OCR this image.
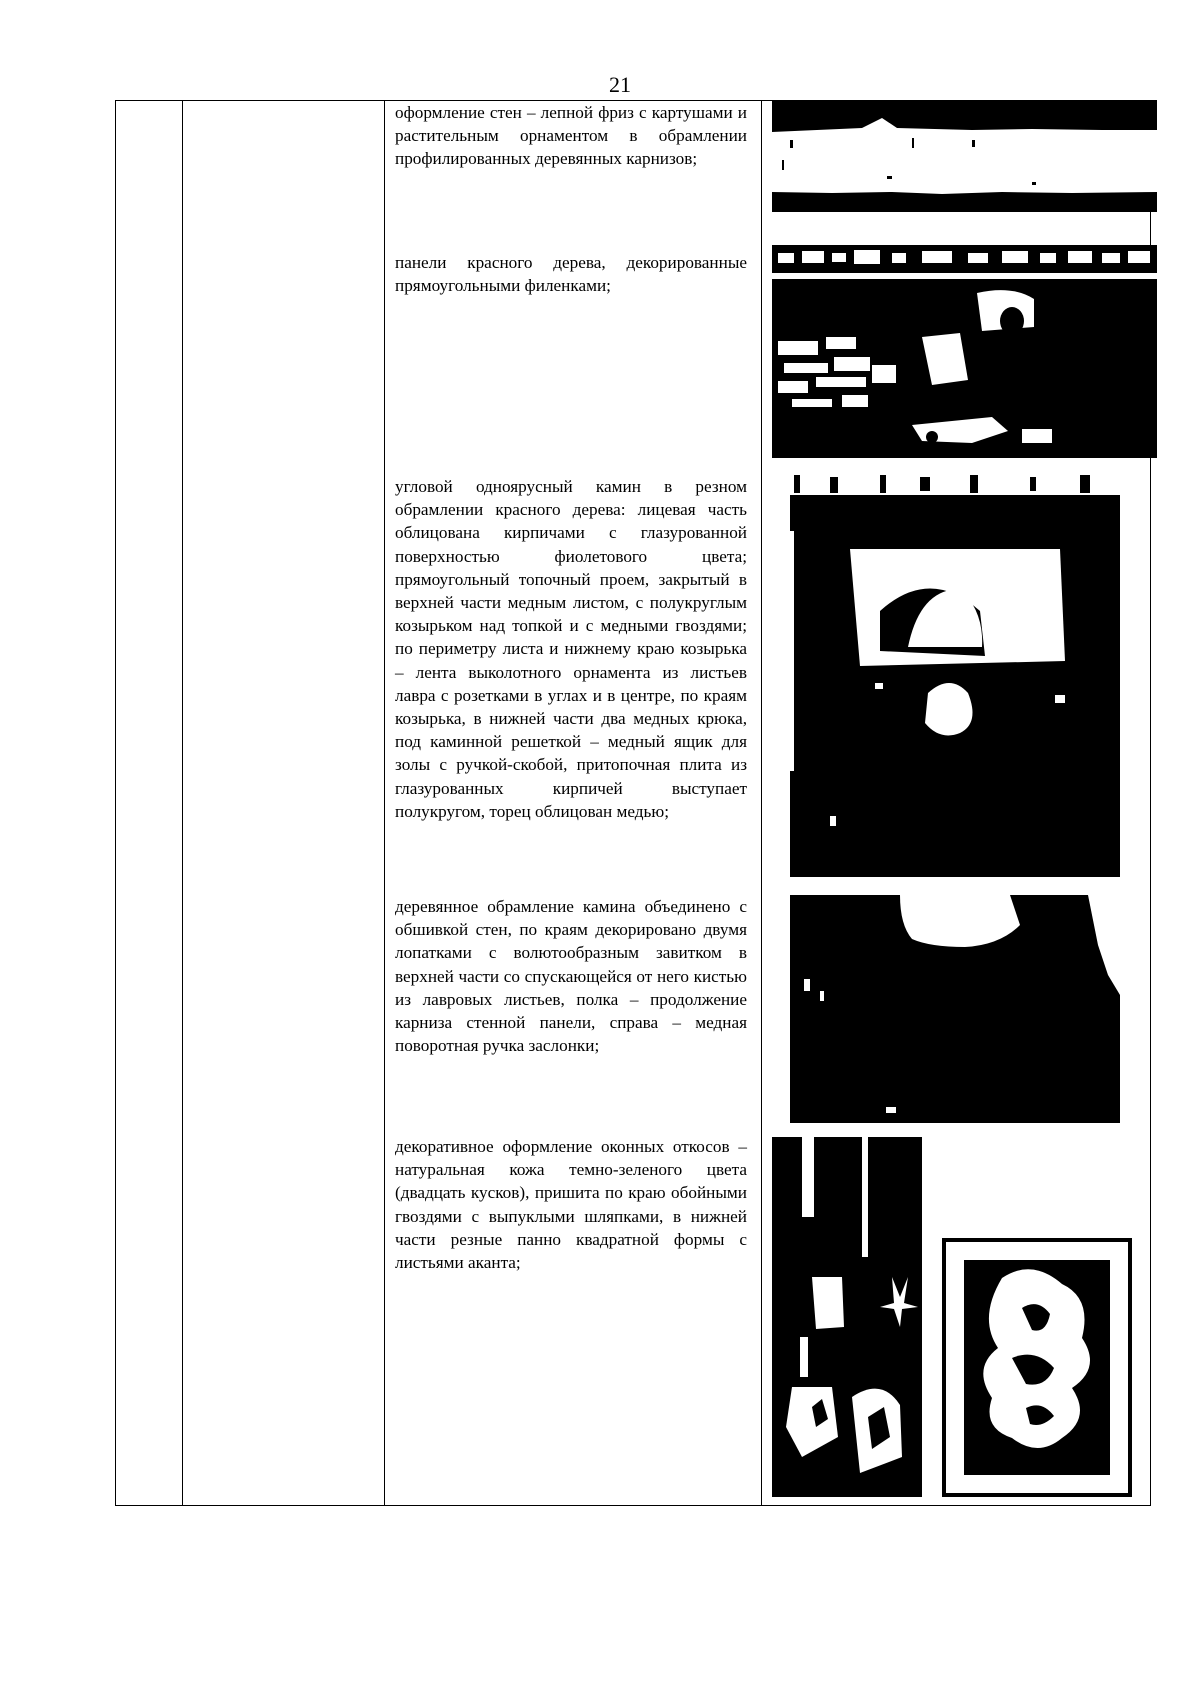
21
оформление стен – лепной фриз с картушами и растительным орнаментом в обрамлении профилированных деревянных карнизов;
панели красного дерева, декорированные прямоугольными филенками;
угловой одноярусный камин в резном обрамлении красного дерева: лицевая часть облицована кирпичами с глазурованной поверхностью фиолетового цвета; прямоугольный топочный проем, закрытый в верхней части медным листом, с полукруглым козырьком над топкой и с медными гвоздями; по периметру листа и нижнему краю козырька – лента выколотного орнамента из листьев лавра с розетками в углах и в центре, по краям козырька, в нижней части два медных крюка, под каминной решеткой – медный ящик для золы с ручкой-скобой, притопочная плита из глазурованных кирпичей выступает полукругом, торец облицован медью;
деревянное обрамление камина объединено с обшивкой стен, по краям декорировано двумя лопатками с волютообразным завитком в верхней части со спускающейся от него кистью из лавровых листьев, полка – продолжение карниза стенной панели, справа – медная поворотная ручка заслонки;
декоративное оформление оконных откосов – натуральная кожа темно-зеленого цвета (двадцать кусков), пришита по краю обойными гвоздями с выпуклыми шляпками, в нижней части резные панно квадратной формы с листьями аканта;
